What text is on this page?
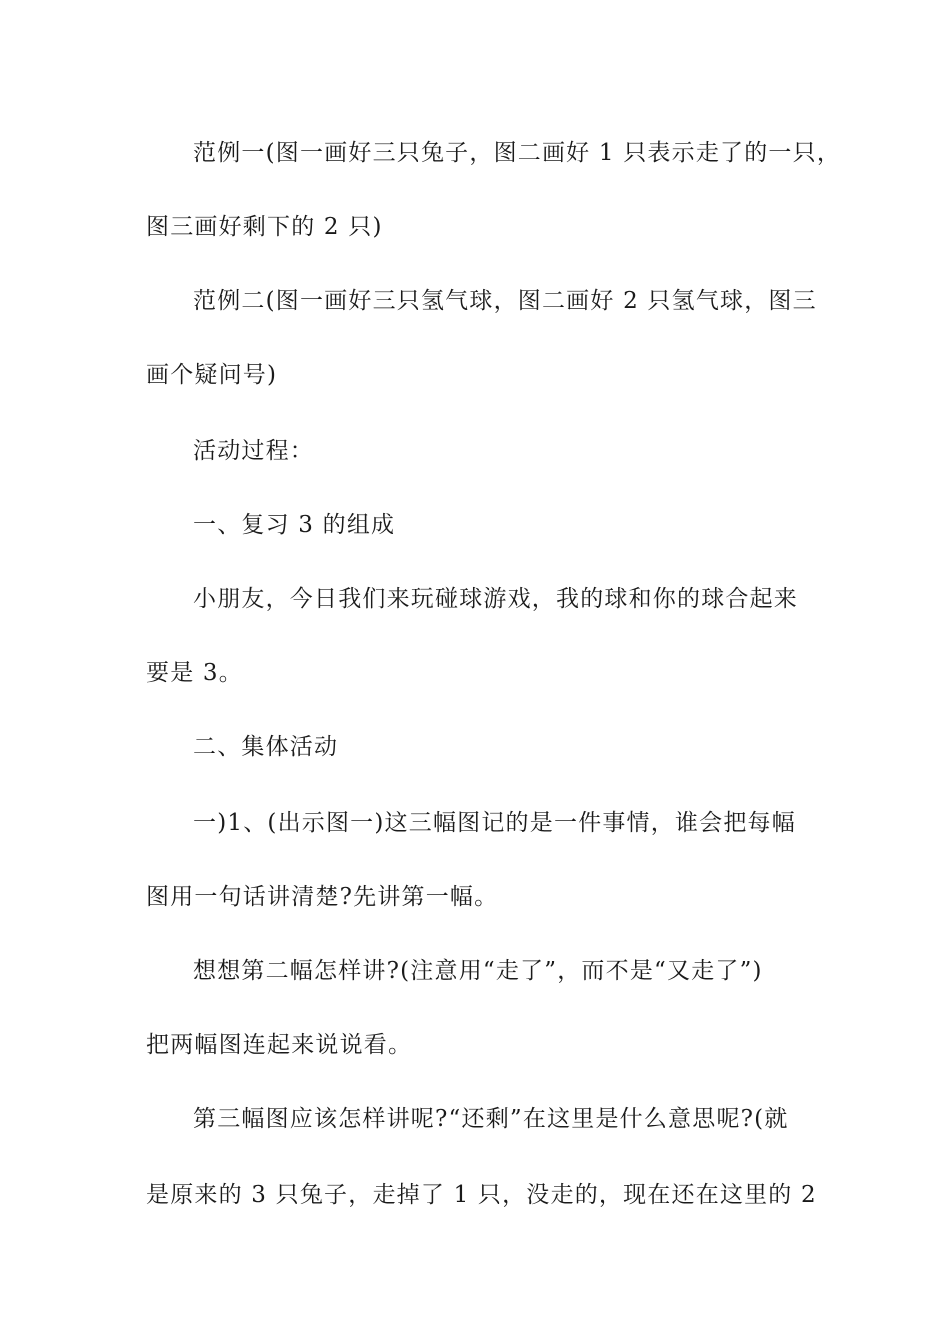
范例一(图一画好三只兔子，图二画好 1 只表示走了的一只，
图三画好剩下的 2 只)
范例二(图一画好三只氢气球，图二画好 2 只氢气球，图三
画个疑问号)
活动过程：
一、复习 3 的组成
小朋友，今日我们来玩碰球游戏，我的球和你的球合起来
要是 3。
二、集体活动
一)1、(出示图一)这三幅图记的是一件事情，谁会把每幅
图用一句话讲清楚?先讲第一幅。
想想第二幅怎样讲?(注意用“走了”，而不是“又走了”)
把两幅图连起来说说看。
第三幅图应该怎样讲呢?“还剩”在这里是什么意思呢?(就
是原来的 3 只兔子，走掉了 1 只，没走的，现在还在这里的 2
